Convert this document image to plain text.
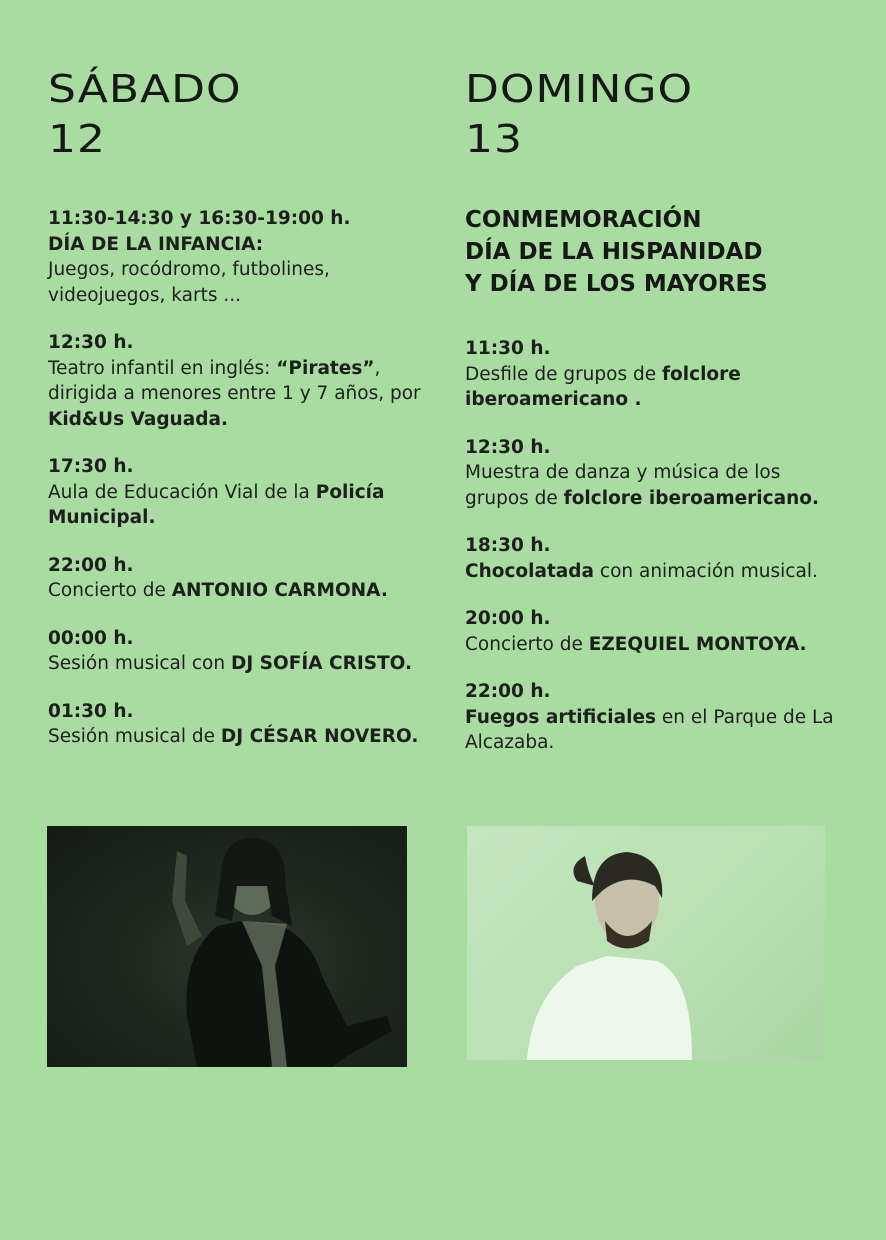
SÁBADO
12
11:30-14:30 y 16:30-19:00 h.
DÍA DE LA INFANCIA:
Juegos, rocódromo, futbolines, videojuegos, karts ...
12:30 h.
Teatro infantil en inglés: “Pirates”, dirigida a menores entre 1 y 7 años, por Kid&Us Vaguada.
17:30 h.
Aula de Educación Vial de la Policía Municipal.
22:00 h.
Concierto de ANTONIO CARMONA.
00:00 h.
Sesión musical con DJ SOFÍA CRISTO.
01:30 h.
Sesión musical de DJ CÉSAR NOVERO.
DOMINGO
13
CONMEMORACIÓN
DÍA DE LA HISPANIDAD
Y DÍA DE LOS MAYORES
11:30 h.
Desfile de grupos de folclore iberoamericano .
12:30 h.
Muestra de danza y música de los grupos de folclore iberoamericano.
18:30 h.
Chocolatada con animación musical.
20:00 h.
Concierto de EZEQUIEL MONTOYA.
22:00 h.
Fuegos artificiales en el Parque de La Alcazaba.
